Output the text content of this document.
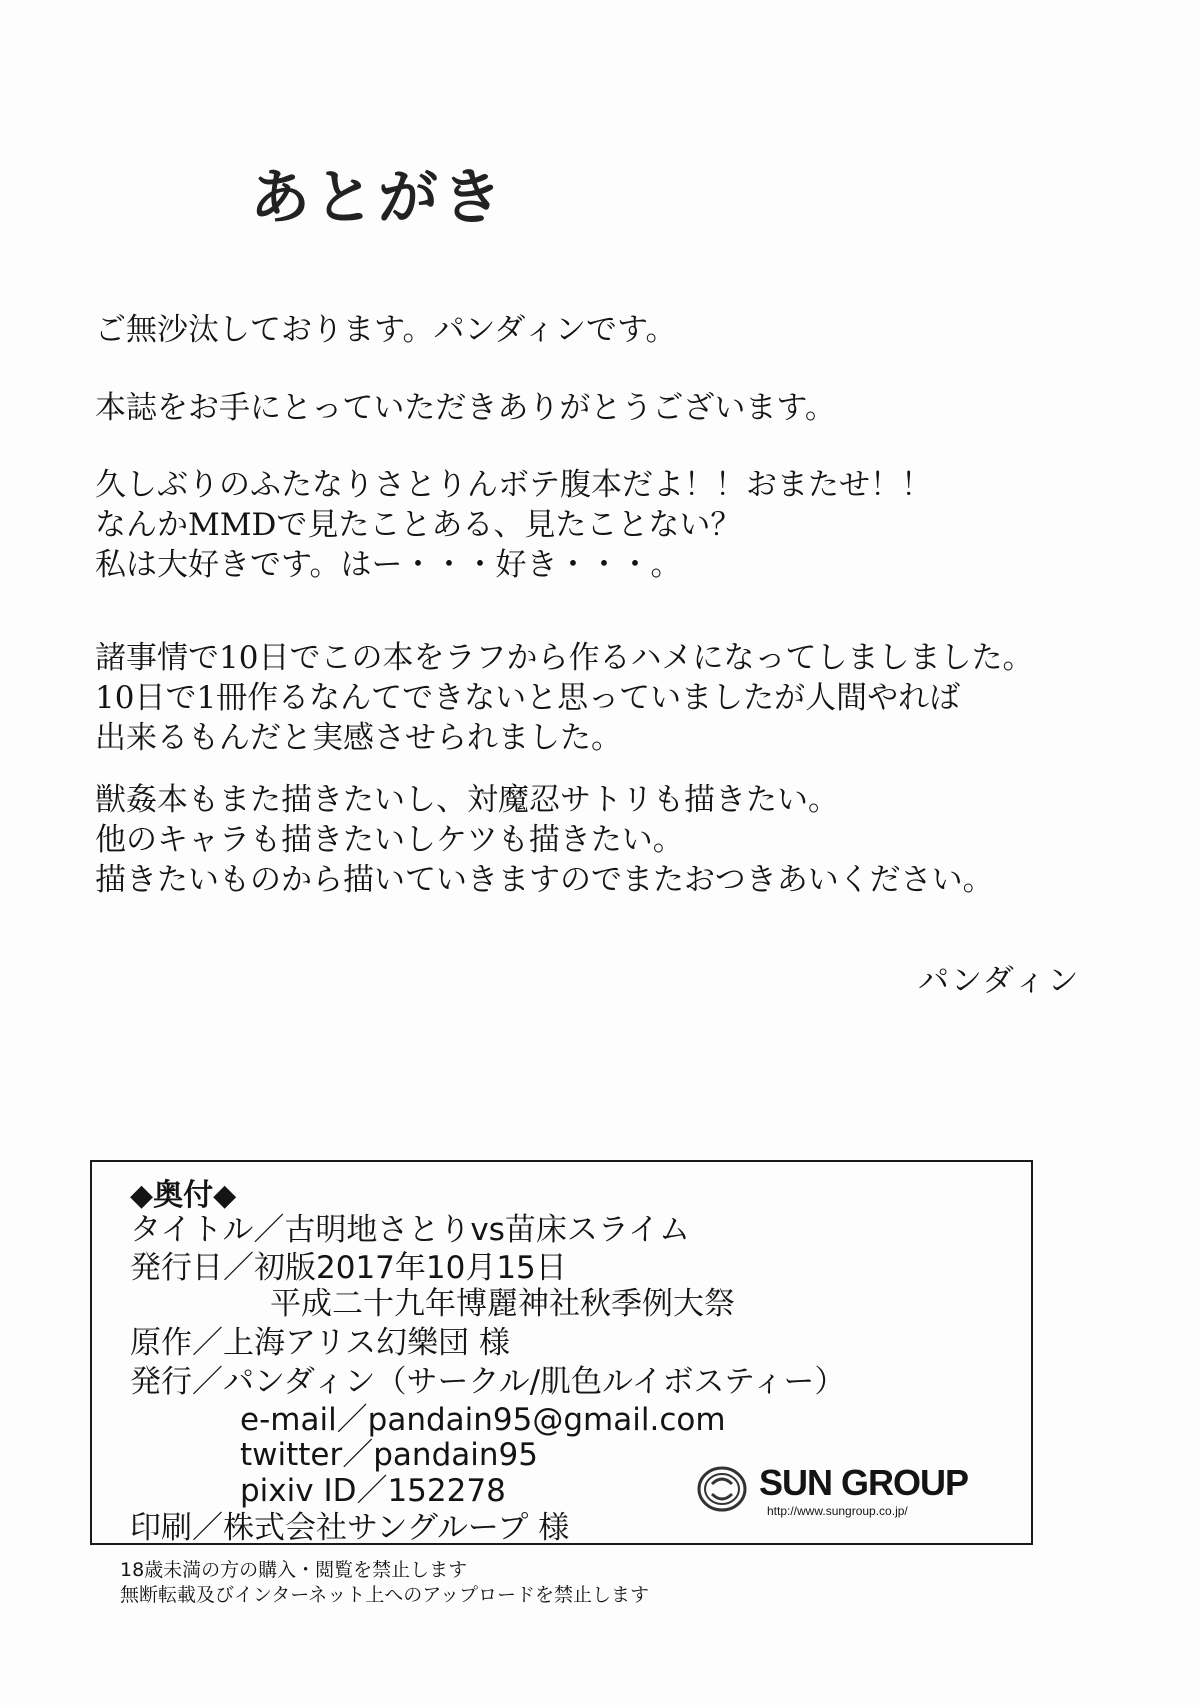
あとがき
ご無沙汰しております。パンダィンです。
本誌をお手にとっていただきありがとうございます。
久しぶりのふたなりさとりんボテ腹本だよ！！おまたせ！！
なんかMMDで見たことある、見たことない？
私は大好きです。はー・・・好き・・・。
諸事情で10日でこの本をラフから作るハメになってしましました。
10日で1冊作るなんてできないと思っていましたが人間やれば
出来るもんだと実感させられました。
獣姦本もまた描きたいし、対魔忍サトリも描きたい。
他のキャラも描きたいしケツも描きたい。
描きたいものから描いていきますのでまたおつきあいください。
パンダィン
◆奥付◆
タイトル／古明地さとりvs苗床スライム
発行日／初版2017年10月15日
平成二十九年博麗神社秋季例大祭
原作／上海アリス幻樂団 様
発行／パンダィン（サークル/肌色ルイボスティー）
e-mail／pandain95@gmail.com
twitter／pandain95
pixiv ID／152278
印刷／株式会社サングループ 様
SUN GROUP
http://www.sungroup.co.jp/
18歳未満の方の購入・閲覧を禁止します
無断転載及びインターネット上へのアップロードを禁止します
